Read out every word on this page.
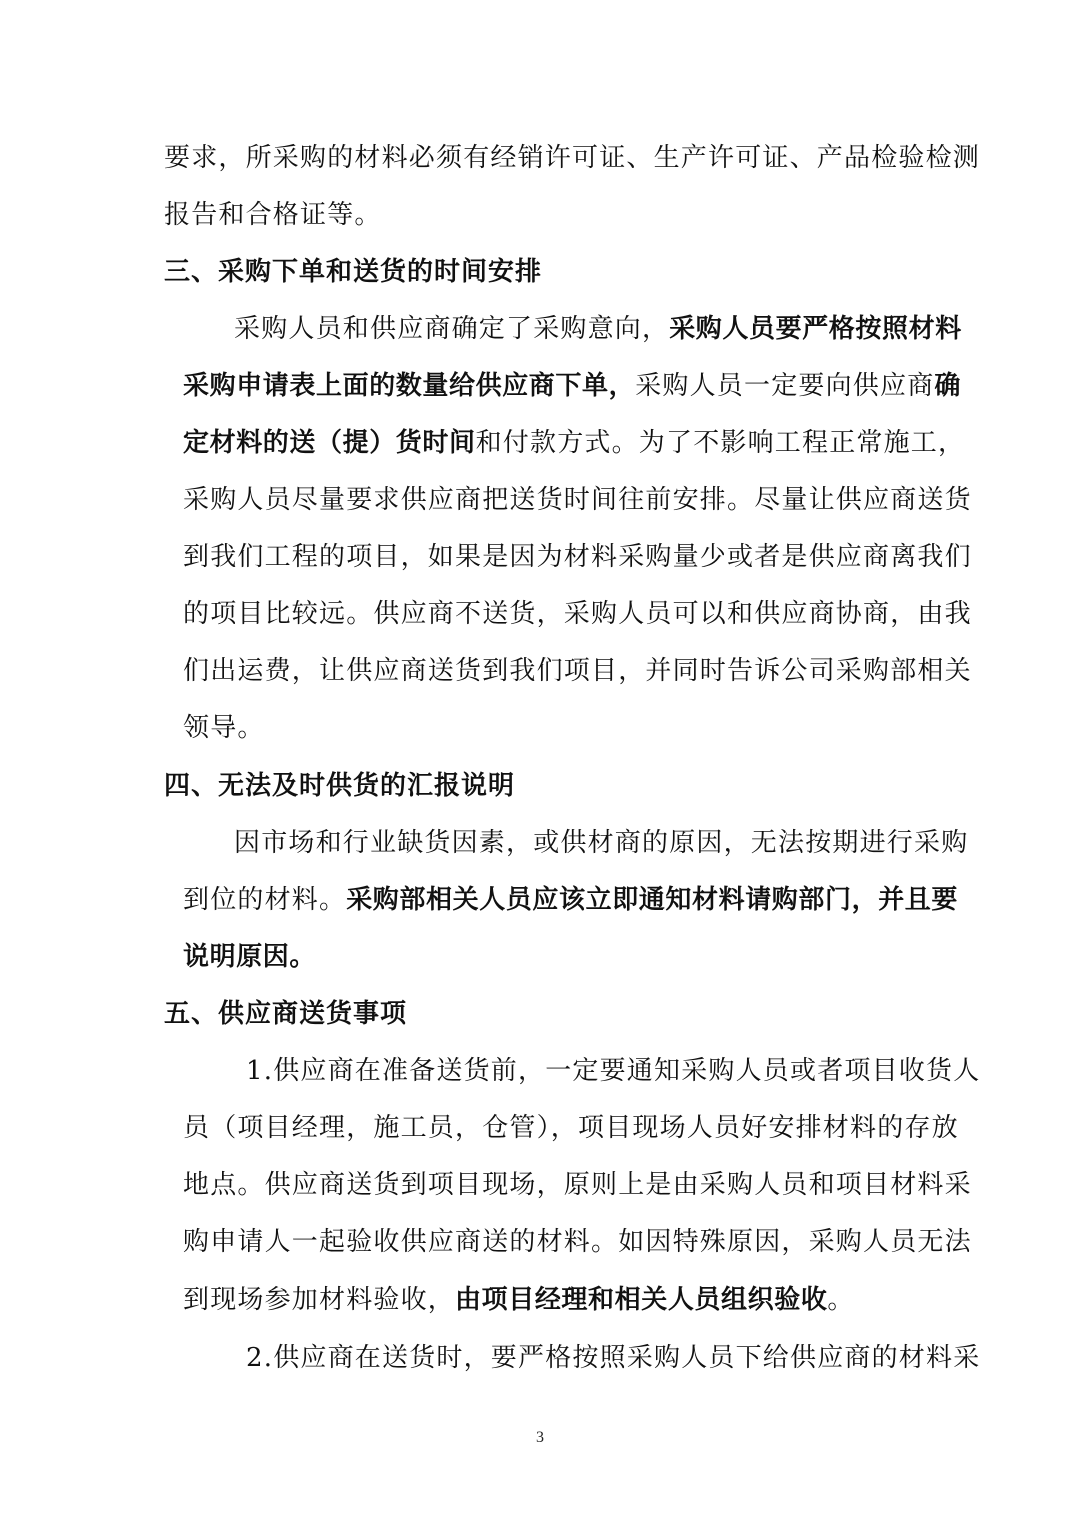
要求，所采购的材料必须有经销许可证、生产许可证、产品检验检测
报告和合格证等。
三、采购下单和送货的时间安排
采购人员和供应商确定了采购意向，采购人员要严格按照材料
采购申请表上面的数量给供应商下单，采购人员一定要向供应商确
定材料的送（提）货时间和付款方式。为了不影响工程正常施工，
采购人员尽量要求供应商把送货时间往前安排。尽量让供应商送货
到我们工程的项目，如果是因为材料采购量少或者是供应商离我们
的项目比较远。供应商不送货，采购人员可以和供应商协商，由我
们出运费，让供应商送货到我们项目，并同时告诉公司采购部相关
领导。
四、无法及时供货的汇报说明
因市场和行业缺货因素，或供材商的原因，无法按期进行采购
到位的材料。采购部相关人员应该立即通知材料请购部门，并且要
说明原因。
五、供应商送货事项
1.供应商在准备送货前，一定要通知采购人员或者项目收货人
员（项目经理，施工员，仓管），项目现场人员好安排材料的存放
地点。供应商送货到项目现场，原则上是由采购人员和项目材料采
购申请人一起验收供应商送的材料。如因特殊原因，采购人员无法
到现场参加材料验收，由项目经理和相关人员组织验收。
2.供应商在送货时，要严格按照采购人员下给供应商的材料采
3
